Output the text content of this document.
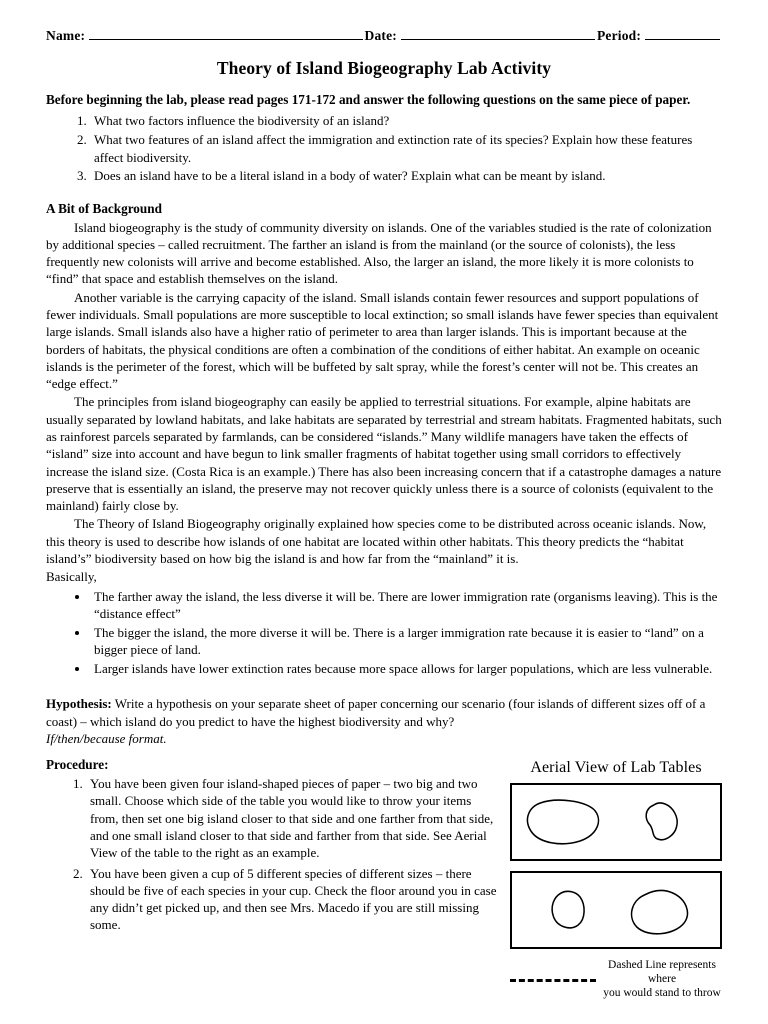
Name:	Date:	Period:
Theory of Island Biogeography Lab Activity
Before beginning the lab, please read pages 171-172 and answer the following questions on the same piece of paper.
1. What two factors influence the biodiversity of an island?
2. What two features of an island affect the immigration and extinction rate of its species? Explain how these features affect biodiversity.
3. Does an island have to be a literal island in a body of water? Explain what can be meant by island.
A Bit of Background

Island biogeography is the study of community diversity on islands. One of the variables studied is the rate of colonization by additional species – called recruitment. The farther an island is from the mainland (or the source of colonists), the less frequently new colonists will arrive and become established. Also, the larger an island, the more likely it is more colonists to “find” that space and establish themselves on the island.

Another variable is the carrying capacity of the island. Small islands contain fewer resources and support populations of fewer individuals. Small populations are more susceptible to local extinction; so small islands have fewer species than equivalent large islands. Small islands also have a higher ratio of perimeter to area than larger islands. This is important because at the borders of habitats, the physical conditions are often a combination of the conditions of either habitat. An example on oceanic islands is the perimeter of the forest, which will be buffeted by salt spray, while the forest’s center will not be. This creates an “edge effect.”

The principles from island biogeography can easily be applied to terrestrial situations. For example, alpine habitats are usually separated by lowland habitats, and lake habitats are separated by terrestrial and stream habitats. Fragmented habitats, such as rainforest parcels separated by farmlands, can be considered “islands.” Many wildlife managers have taken the effects of “island” size into account and have begun to link smaller fragments of habitat together using small corridors to effectively increase the island size. (Costa Rica is an example.) There has also been increasing concern that if a catastrophe damages a nature preserve that is essentially an island, the preserve may not recover quickly unless there is a source of colonists (equivalent to the mainland) fairly close by.

The Theory of Island Biogeography originally explained how species come to be distributed across oceanic islands. Now, this theory is used to describe how islands of one habitat are located within other habitats. This theory predicts the “habitat island’s” biodiversity based on how big the island is and how far from the “mainland” it is.

Basically,
• The farther away the island, the less diverse it will be. There are lower immigration rate (organisms leaving). This is the “distance effect”
• The bigger the island, the more diverse it will be. There is a larger immigration rate because it is easier to “land” on a bigger piece of land.
• Larger islands have lower extinction rates because more space allows for larger populations, which are less vulnerable.
Hypothesis: Write a hypothesis on your separate sheet of paper concerning our scenario (four islands of different sizes off of a coast) – which island do you predict to have the highest biodiversity and why?
If/then/because format.
Procedure:
1. You have been given four island-shaped pieces of paper – two big and two small. Choose which side of the table you would like to throw your items from, then set one big island closer to that side and one farther from that side, and one small island closer to that side and farther from that side. See Aerial View of the table to the right as an example.
2. You have been given a cup of 5 different species of different sizes – there should be five of each species in your cup. Check the floor around you in case any didn’t get picked up, and then see Mrs. Macedo if you are still missing some.
Aerial View of Lab Tables
Dashed Line represents where
you would stand to throw
